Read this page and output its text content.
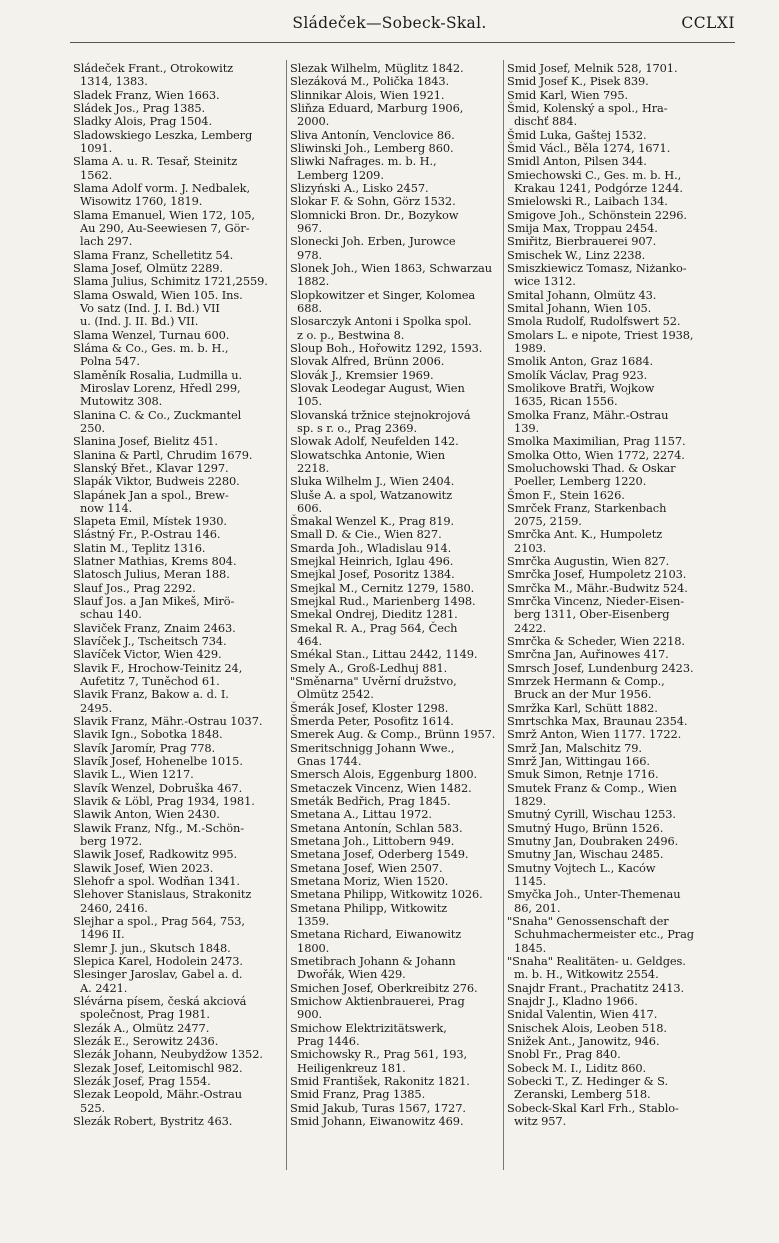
Sládeček—Sobeck-Skal.	CCLXI
Sládeček Frant., Otrokowitz
1314, 1383.
Sladek Franz, Wien 1663.
Sládek Jos., Prag 1385.
Sladky Alois, Prag 1504.
Sladowskiego Leszka, Lemberg
1091.
Slama A. u. R. Tesař, Steinitz
1562.
Slama Adolf vorm. J. Nedbalek,
Wisowitz 1760, 1819.
Slama Emanuel, Wien 172, 105,
Au 290, Au-Seewiesen 7, Gör-
lach 297.
Slama Franz, Schelletitz 54.
Slama Josef, Olmütz 2289.
Slama Julius, Schimitz 1721,2559.
Slama Oswald, Wien 105. Ins.
Vo satz (Ind. J. I. Bd.) VII
u. (Ind. J. II. Bd.) VII.
Slama Wenzel, Turnau 600.
Sláma & Co., Ges. m. b. H.,
Polna 547.
Slaměník Rosalia, Ludmilla u.
Miroslav Lorenz, Hředl 299,
Mutowitz 308.
Slanina C. & Co., Zuckmantel
250.
Slanina Josef, Bielitz 451.
Slanina & Partl, Chrudim 1679.
Slanský Břet., Klavar 1297.
Slapák Viktor, Budweis 2280.
Slapánek Jan a spol., Brew-
now 114.
Slapeta Emil, Místek 1930.
Slástný Fr., P.-Ostrau 146.
Slatin M., Teplitz 1316.
Slatner Mathias, Krems 804.
Slatosch Julius, Meran 188.
Slauf Jos., Prag 2292.
Slauf Jos. a Jan Mikeš, Mirö-
schau 140.
Slaviček Franz, Znaim 2463.
Slavíček J., Tscheitsch 734.
Slavíček Victor, Wien 429.
Slavik F., Hrochow-Teinitz 24,
Aufetitz 7, Tuněchod 61.
Slavik Franz, Bakow a. d. I.
2495.
Slavik Franz, Mähr.-Ostrau 1037.
Slavik Ign., Sobotka 1848.
Slavík Jaromír, Prag 778.
Slavík Josef, Hohenelbe 1015.
Slavik L., Wien 1217.
Slavík Wenzel, Dobruška 467.
Slavik & Löbl, Prag 1934, 1981.
Slawik Anton, Wien 2430.
Slawik Franz, Nfg., M.-Schön-
berg 1972.
Slawik Josef, Radkowitz 995.
Slawik Josef, Wien 2023.
Slehofr a spol. Wodňan 1341.
Slehover Stanislaus, Strakonitz
2460, 2416.
Slejhar a spol., Prag 564, 753,
1496 II.
Slemr J. jun., Skutsch 1848.
Slepica Karel, Hodolein 2473.
Slesinger Jaroslav, Gabel a. d.
A. 2421.
Slévárna písem, česká akciová
společnost, Prag 1981.
Slezák A., Olmütz 2477.
Slezák E., Serowitz 2436.
Slezák Johann, Neubydžow 1352.
Slezak Josef, Leitomischl 982.
Slezák Josef, Prag 1554.
Slezak Leopold, Mähr.-Ostrau
525.
Slezák Robert, Bystritz 463.
Slezak Wilhelm, Müglitz 1842.
Slezáková M., Polička 1843.
Slinnikar Alois, Wien 1921.
Sliňza Eduard, Marburg 1906,
2000.
Sliva Antonín, Venclovice 86.
Sliwinski Joh., Lemberg 860.
Sliwki Nafrages. m. b. H.,
Lemberg 1209.
Slizyński A., Lisko 2457.
Slokar F. & Sohn, Görz 1532.
Slomnicki Bron. Dr., Bozykow
967.
Slonecki Joh. Erben, Jurowce
978.
Slonek Joh., Wien 1863, Schwarzau
1882.
Slopkowitzer et Singer, Kolomea
688.
Slosarczyk Antoni i Spolka spol.
z o. p., Bestwina 8.
Sloup Boh., Hořowitz 1292, 1593.
Slovak Alfred, Brünn 2006.
Slovák J., Kremsier 1969.
Slovak Leodegar August, Wien
105.
Slovanská tržnice stejnokrojová
sp. s r. o., Prag 2369.
Slowak Adolf, Neufelden 142.
Slowatschka Antonie, Wien
2218.
Sluka Wilhelm J., Wien 2404.
Sluše A. a spol, Watzanowitz
606.
Šmakal Wenzel K., Prag 819.
Small D. & Cie., Wien 827.
Smarda Joh., Wladislau 914.
Smejkal Heinrich, Iglau 496.
Smejkal Josef, Posoritz 1384.
Smejkal M., Cernitz 1279, 1580.
Smejkal Rud., Marienberg 1498.
Smekal Ondrej, Dieditz 1281.
Smekal R. A., Prag 564, Čech
464.
Smékal Stan., Littau 2442, 1149.
Smely A., Groß-Ledhuj 881.
"Směnarna" Uvěrní družstvo,
Olmütz 2542.
Šmerák Josef, Kloster 1298.
Šmerda Peter, Posofitz 1614.
Smerek Aug. & Comp., Brünn 1957.
Smeritschnigg Johann Wwe.,
Gnas 1744.
Smersch Alois, Eggenburg 1800.
Smetaczek Vincenz, Wien 1482.
Smeták Bedřich, Prag 1845.
Smetana A., Littau 1972.
Smetana Antonín, Schlan 583.
Smetana Joh., Littobern 949.
Smetana Josef, Oderberg 1549.
Smetana Josef, Wien 2507.
Smetana Moriz, Wien 1520.
Smetana Philipp, Witkowitz 1026.
Smetana Philipp, Witkowitz
1359.
Smetana Richard, Eiwanowitz
1800.
Smetibrach Johann & Johann
Dwořák, Wien 429.
Smichen Josef, Oberkreibitz 276.
Smichow Aktienbrauerei, Prag
900.
Smichow Elektrizitätswerk,
Prag 1446.
Smichowsky R., Prag 561, 193,
Heiligenkreuz 181.
Smid František, Rakonitz 1821.
Smid Franz, Prag 1385.
Smid Jakub, Turas 1567, 1727.
Smid Johann, Eiwanowitz 469.
Smid Josef, Melnik 528, 1701.
Smid Josef K., Pisek 839.
Smid Karl, Wien 795.
Šmid, Kolenský a spol., Hra-
dischť 884.
Šmid Luka, Gaštej 1532.
Šmid Václ., Běla 1274, 1671.
Smidl Anton, Pilsen 344.
Smiechowski C., Ges. m. b. H.,
Krakau 1241, Podgórze 1244.
Smielowski R., Laibach 134.
Smigove Joh., Schönstein 2296.
Smija Max, Troppau 2454.
Smiřitz, Bierbrauerei 907.
Smischek W., Linz 2238.
Smiszkiewicz Tomasz, Niżanko-
wice 1312.
Smital Johann, Olmütz 43.
Smital Johann, Wien 105.
Smola Rudolf, Rudolfswert 52.
Smolars L. e nipote, Triest 1938,
1989.
Smolik Anton, Graz 1684.
Smolík Václav, Prag 923.
Smolikove Bratři, Wojkow
1635, Rican 1556.
Smolka Franz, Mähr.-Ostrau
139.
Smolka Maximilian, Prag 1157.
Smolka Otto, Wien 1772, 2274.
Smoluchowski Thad. & Oskar
Poeller, Lemberg 1220.
Šmon F., Stein 1626.
Smrček Franz, Starkenbach
2075, 2159.
Smrčka Ant. K., Humpoletz
2103.
Smrčka Augustin, Wien 827.
Smrčka Josef, Humpoletz 2103.
Smrčka M., Mähr.-Budwitz 524.
Smrčka Vincenz, Nieder-Eisen-
berg 1311, Ober-Eisenberg
2422.
Smrčka & Scheder, Wien 2218.
Smrčna Jan, Auřinowes 417.
Smrsch Josef, Lundenburg 2423.
Smrzek Hermann & Comp.,
Bruck an der Mur 1956.
Smržka Karl, Schütt 1882.
Smrtschka Max, Braunau 2354.
Smrž Anton, Wien 1177. 1722.
Smrž Jan, Malschitz 79.
Smrž Jan, Wittingau 166.
Smuk Simon, Retnje 1716.
Smutek Franz & Comp., Wien
1829.
Smutný Cyrill, Wischau 1253.
Smutný Hugo, Brünn 1526.
Smutny Jan, Doubraken 2496.
Smutny Jan, Wischau 2485.
Smutny Vojtech L., Kaców
1145.
Smyčka Joh., Unter-Themenau
86, 201.
"Snaha" Genossenschaft der
Schuhmachermeister etc., Prag
1845.
"Snaha" Realitäten- u. Geldges.
m. b. H., Witkowitz 2554.
Snajdr Frant., Prachatitz 2413.
Snajdr J., Kladno 1966.
Snidal Valentin, Wien 417.
Snischek Alois, Leoben 518.
Snižek Ant., Janowitz, 946.
Snobl Fr., Prag 840.
Sobeck M. I., Liditz 860.
Sobecki T., Z. Hedinger & S.
Zeranski, Lemberg 518.
Sobeck-Skal Karl Frh., Stablo-
witz 957.
